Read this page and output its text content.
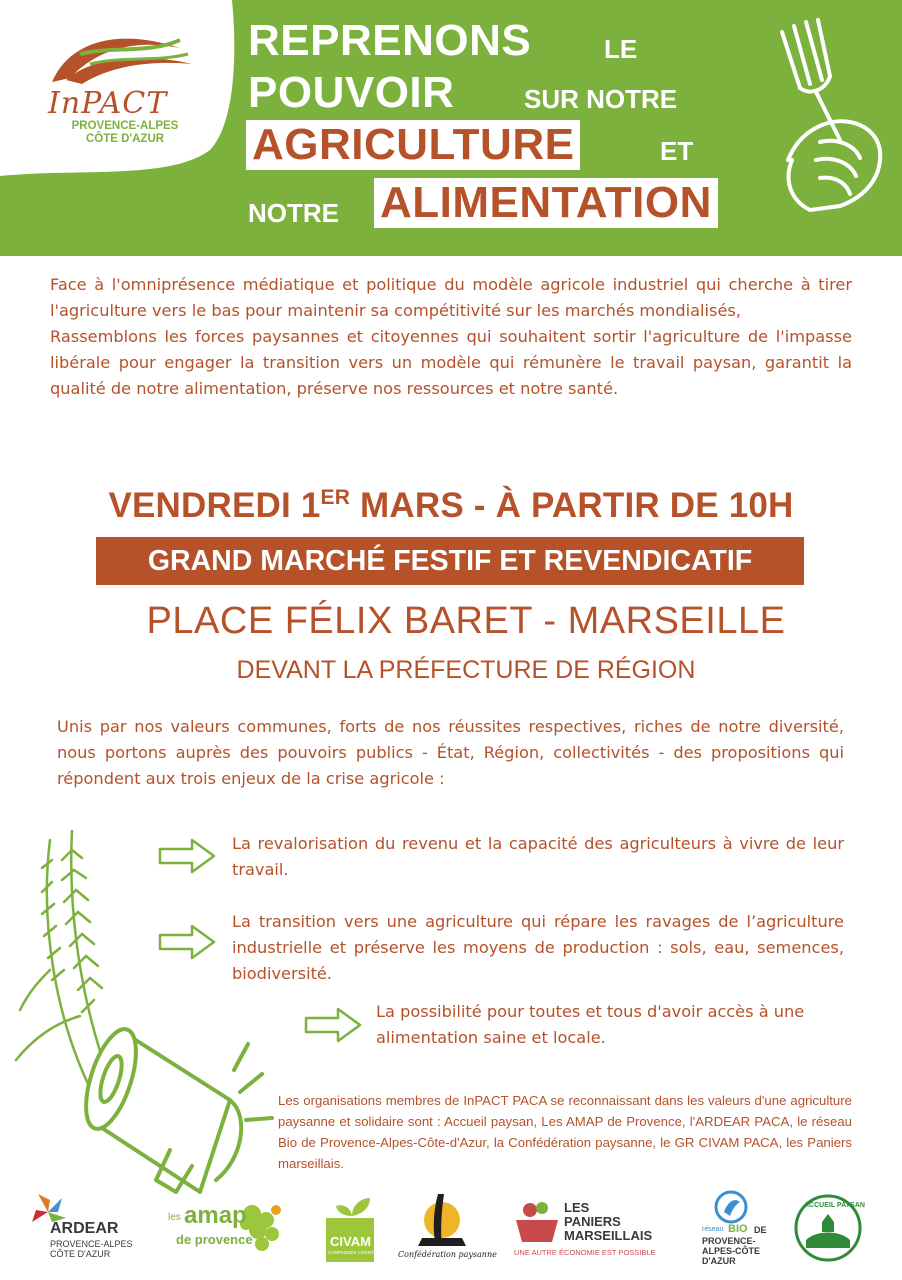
InPACT
PROVENCE-ALPES
CÔTE D'AZUR
REPRENONS	LE
POUVOIR	SUR NOTRE
AGRICULTURE	ET
NOTRE ALIMENTATION

Face à l'omniprésence médiatique et politique du modèle agricole industriel qui cherche à tirer l'agriculture vers le bas pour maintenir sa compétitivité sur les marchés mondialisés,

Rassemblons les forces paysannes et citoyennes qui souhaitent sortir l'agriculture de l'impasse libérale pour engager la transition vers un modèle qui rémunère le travail paysan, garantit la qualité de notre alimentation, préserve nos ressources et notre santé.

VENDREDI 1ER MARS - À PARTIR DE 10H
GRAND MARCHÉ FESTIF ET REVENDICATIF
PLACE FÉLIX BARET - MARSEILLE
DEVANT LA PRÉFECTURE DE RÉGION
Unis par nos valeurs communes, forts de nos réussites respectives, riches de notre diversité, nous portons auprès des pouvoirs publics - État, Région, collectivités - des propositions qui répondent aux trois enjeux de la crise agricole :
La revalorisation du revenu et la capacité des agriculteurs à vivre de leur travail.
La transition vers une agriculture qui répare les ravages de l’agriculture industrielle et préserve les moyens de production : sols, eau, semences, biodiversité.
La possibilité pour toutes et tous d'avoir accès à une alimentation saine et locale.
Les organisations membres de InPACT PACA se reconnaissant dans les valeurs d'une agriculture paysanne et solidaire sont : Accueil paysan, Les AMAP de Provence, l'ARDEAR PACA, le réseau Bio de Provence-Alpes-Côte-d'Azur, la Confédération paysanne, le GR CIVAM PACA, les Paniers marseillais.
ARDEAR
PROVENCE-ALPES
CÔTE D'AZUR
les amap
de provence	CIVAM
CAMPAGNES VIVANTES Confédération paysanne
LES
PANIERS
MARSEILLAIS
UNE AUTRE ÉCONOMIE EST POSSIBLE
réseau BIO DE
PROVENCE-
ALPES-CÔTE
D'AZUR
ACCUEIL PAYSAN
